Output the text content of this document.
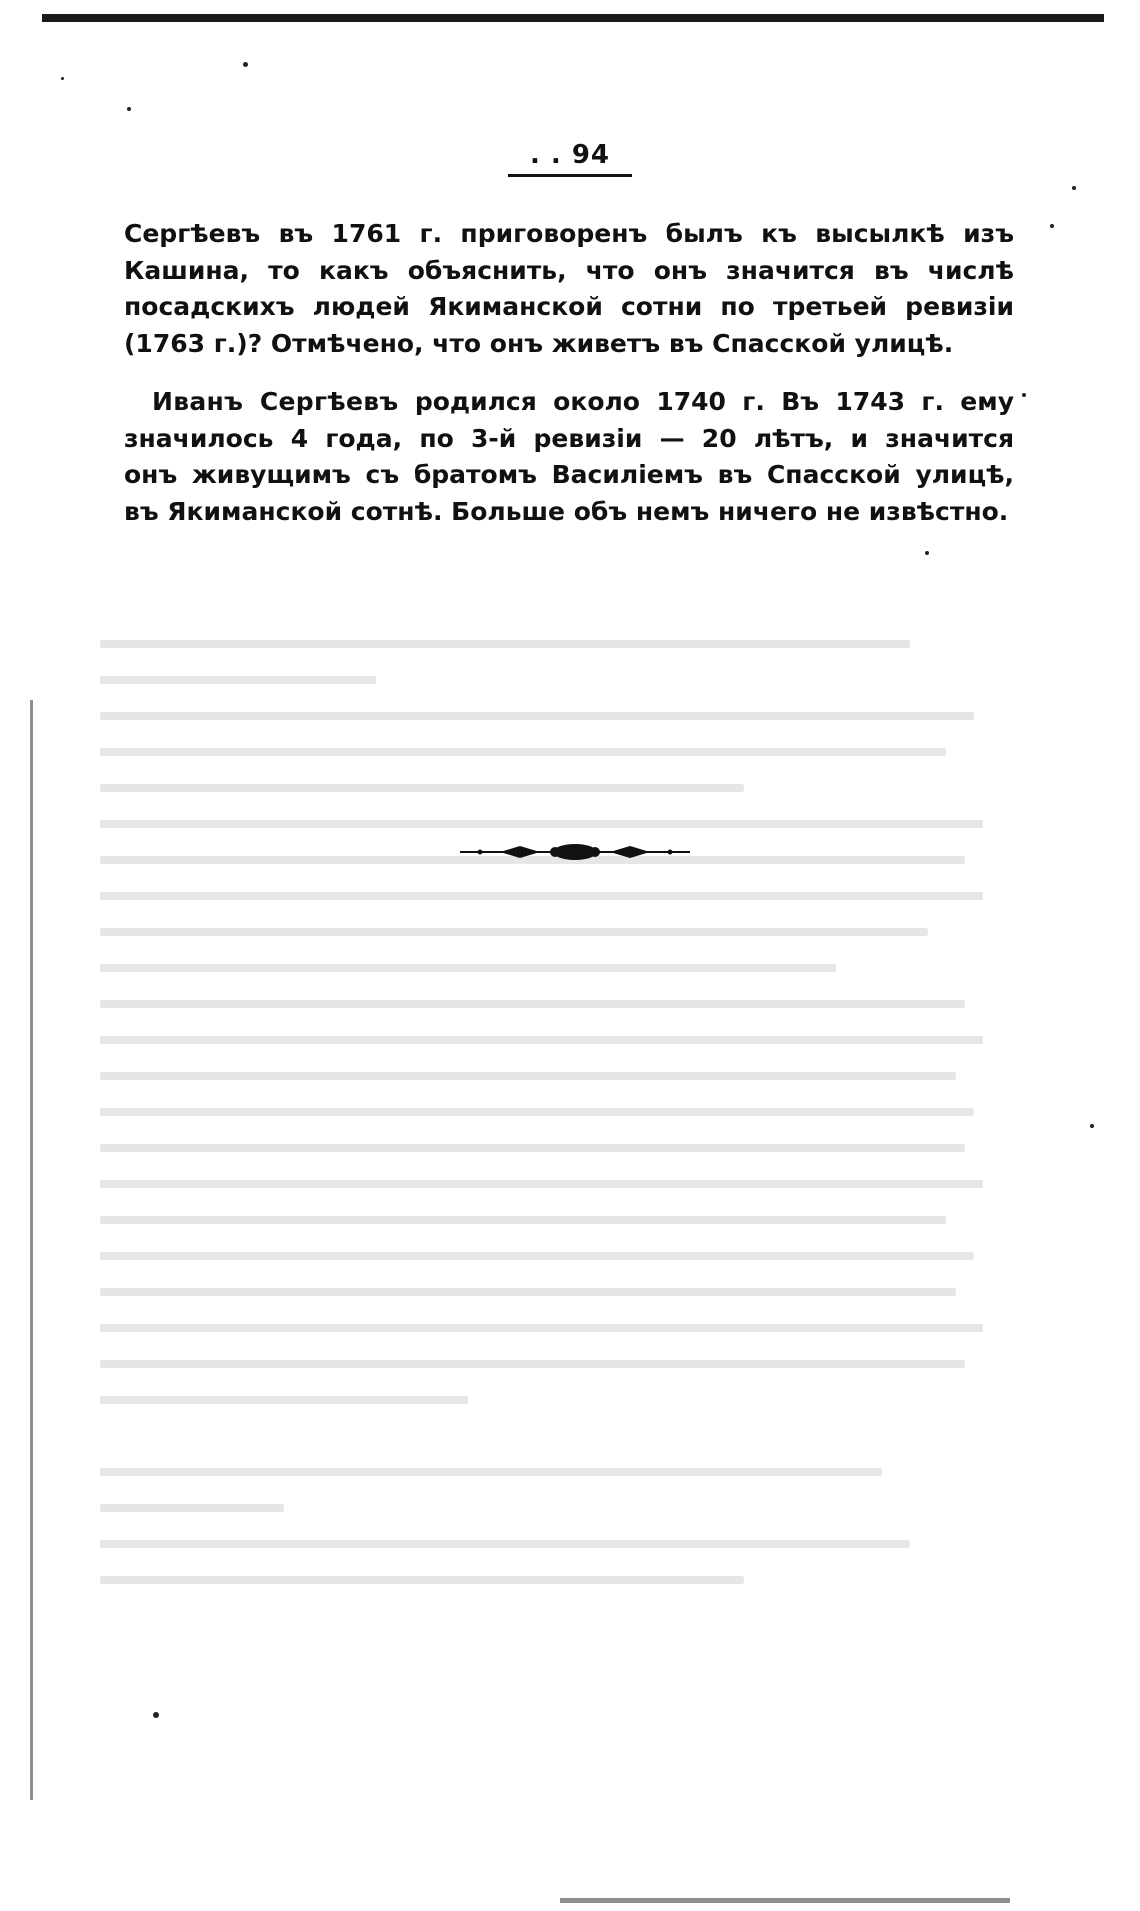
. . 94
Сергѣевъ въ 1761 г. приговоренъ былъ къ высылкѣ изъ
Кашина, то какъ объяснить, что онъ значится въ числѣ
посадскихъ людей Якиманской сотни по третьей ревизіи
(1763 г.)? Отмѣчено, что онъ живетъ въ Спасской улицѣ.
Иванъ Сергѣевъ родился около 1740 г. Въ 1743 г. ему
значилось 4 года, по 3-й ревизіи — 20 лѣтъ, и значится
онъ живущимъ съ братомъ Василіемъ въ Спасской улицѣ,
въ Якиманской сотнѣ. Больше объ немъ ничего не извѣстно.
